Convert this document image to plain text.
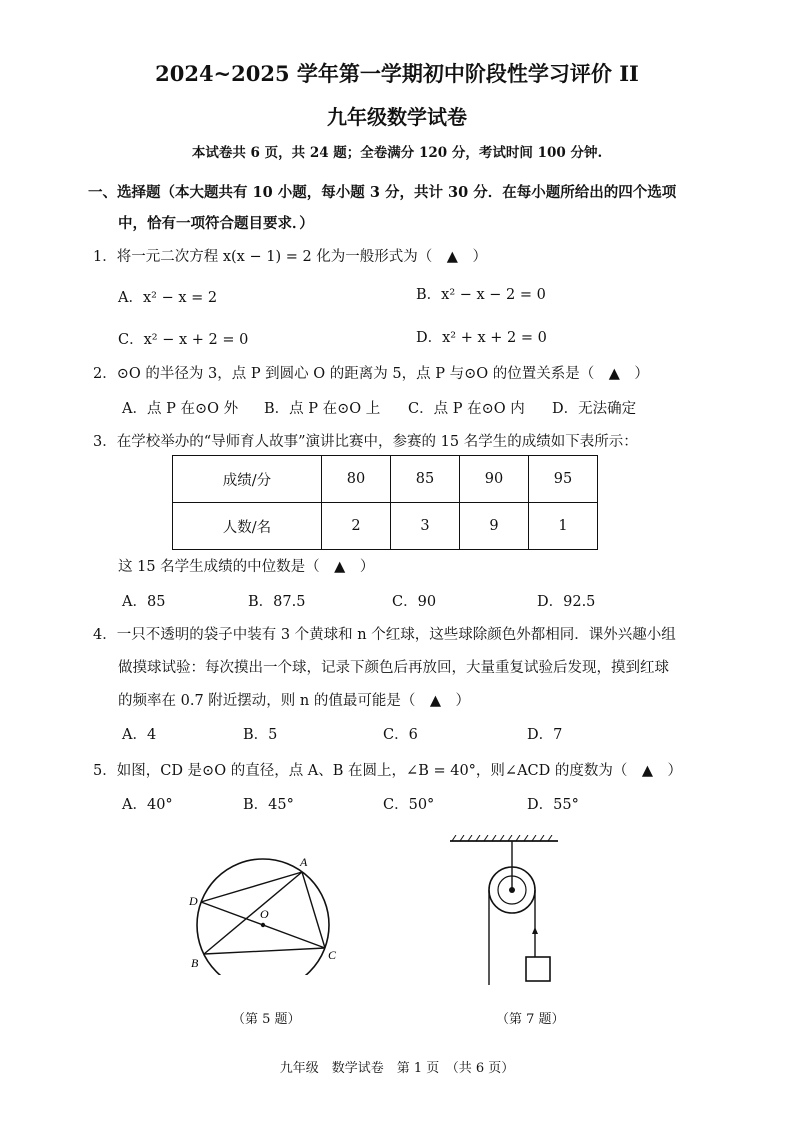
2024~2025 学年第一学期初中阶段性学习评价 II
九年级数学试卷
本试卷共 6 页，共 24 题；全卷满分 120 分，考试时间 100 分钟.
一、选择题（本大题共有 10 小题，每小题 3 分，共计 30 分．在每小题所给出的四个选项
中，恰有一项符合题目要求．）
1．将一元二次方程 x(x − 1) = 2 化为一般形式为（　▲　）
A．x² − x = 2	B．x² − x − 2 = 0
C．x² − x + 2 = 0	D．x² + x + 2 = 0
2．⊙O 的半径为 3，点 P 到圆心 O 的距离为 5，点 P 与⊙O 的位置关系是（　▲　）
A．点 P 在⊙O 外 B．点 P 在⊙O 上 C．点 P 在⊙O 内 D．无法确定
3．在学校举办的“导师育人故事”演讲比赛中，参赛的 15 名学生的成绩如下表所示：
成绩/分	80	85	90	95
人数/名	2	3	9	1
这 15 名学生成绩的中位数是（　▲　）
A．85	B．87.5	C．90	D．92.5
4．一只不透明的袋子中装有 3 个黄球和 n 个红球，这些球除颜色外都相同．课外兴趣小组
做摸球试验：每次摸出一个球，记录下颜色后再放回，大量重复试验后发现，摸到红球
的频率在 0.7 附近摆动，则 n 的值最可能是（　▲　）
A．4	B．5	C．6	D．7
5．如图，CD 是⊙O 的直径，点 A、B 在圆上，∠B = 40°，则∠ACD 的度数为（　▲　）
A．40°	B．45°	C．50°	D．55°
A
D
O
B
C
（第 5 题）	（第 7 题）
九年级　数学试卷　第 1 页　（共 6 页）
